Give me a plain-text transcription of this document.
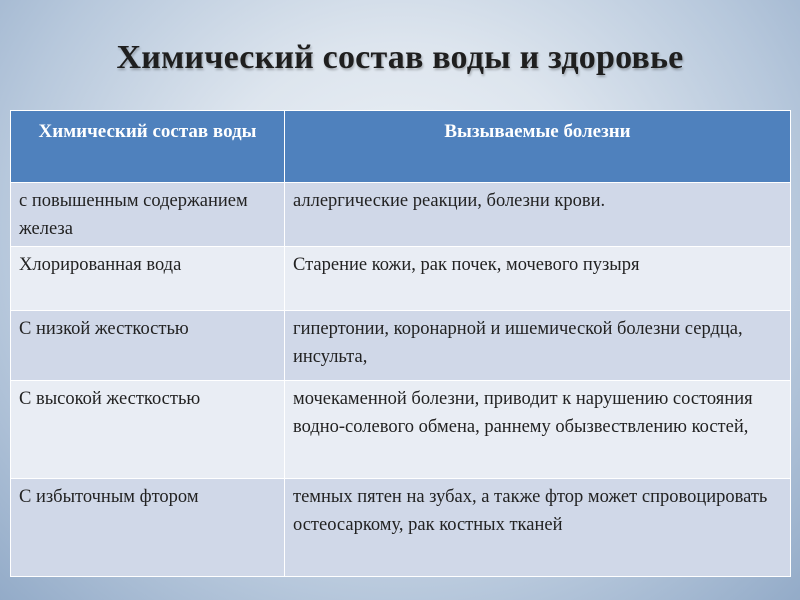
Химический состав воды и здоровье
Химический состав воды	Вызываемые болезни
с повышенным содержанием железа	аллергические реакции, болезни крови.
Хлорированная вода	Старение кожи, рак почек, мочевого пузыря
С низкой жесткостью	гипертонии, коронарной и ишемической болезни сердца, инсульта,
С высокой жесткостью	мочекаменной болезни, приводит к нарушению состояния водно-солевого обмена, раннему обызвествлению костей,
С избыточным фтором	темных пятен на зубах, а также фтор может спровоцировать остеосаркому, рак костных тканей
